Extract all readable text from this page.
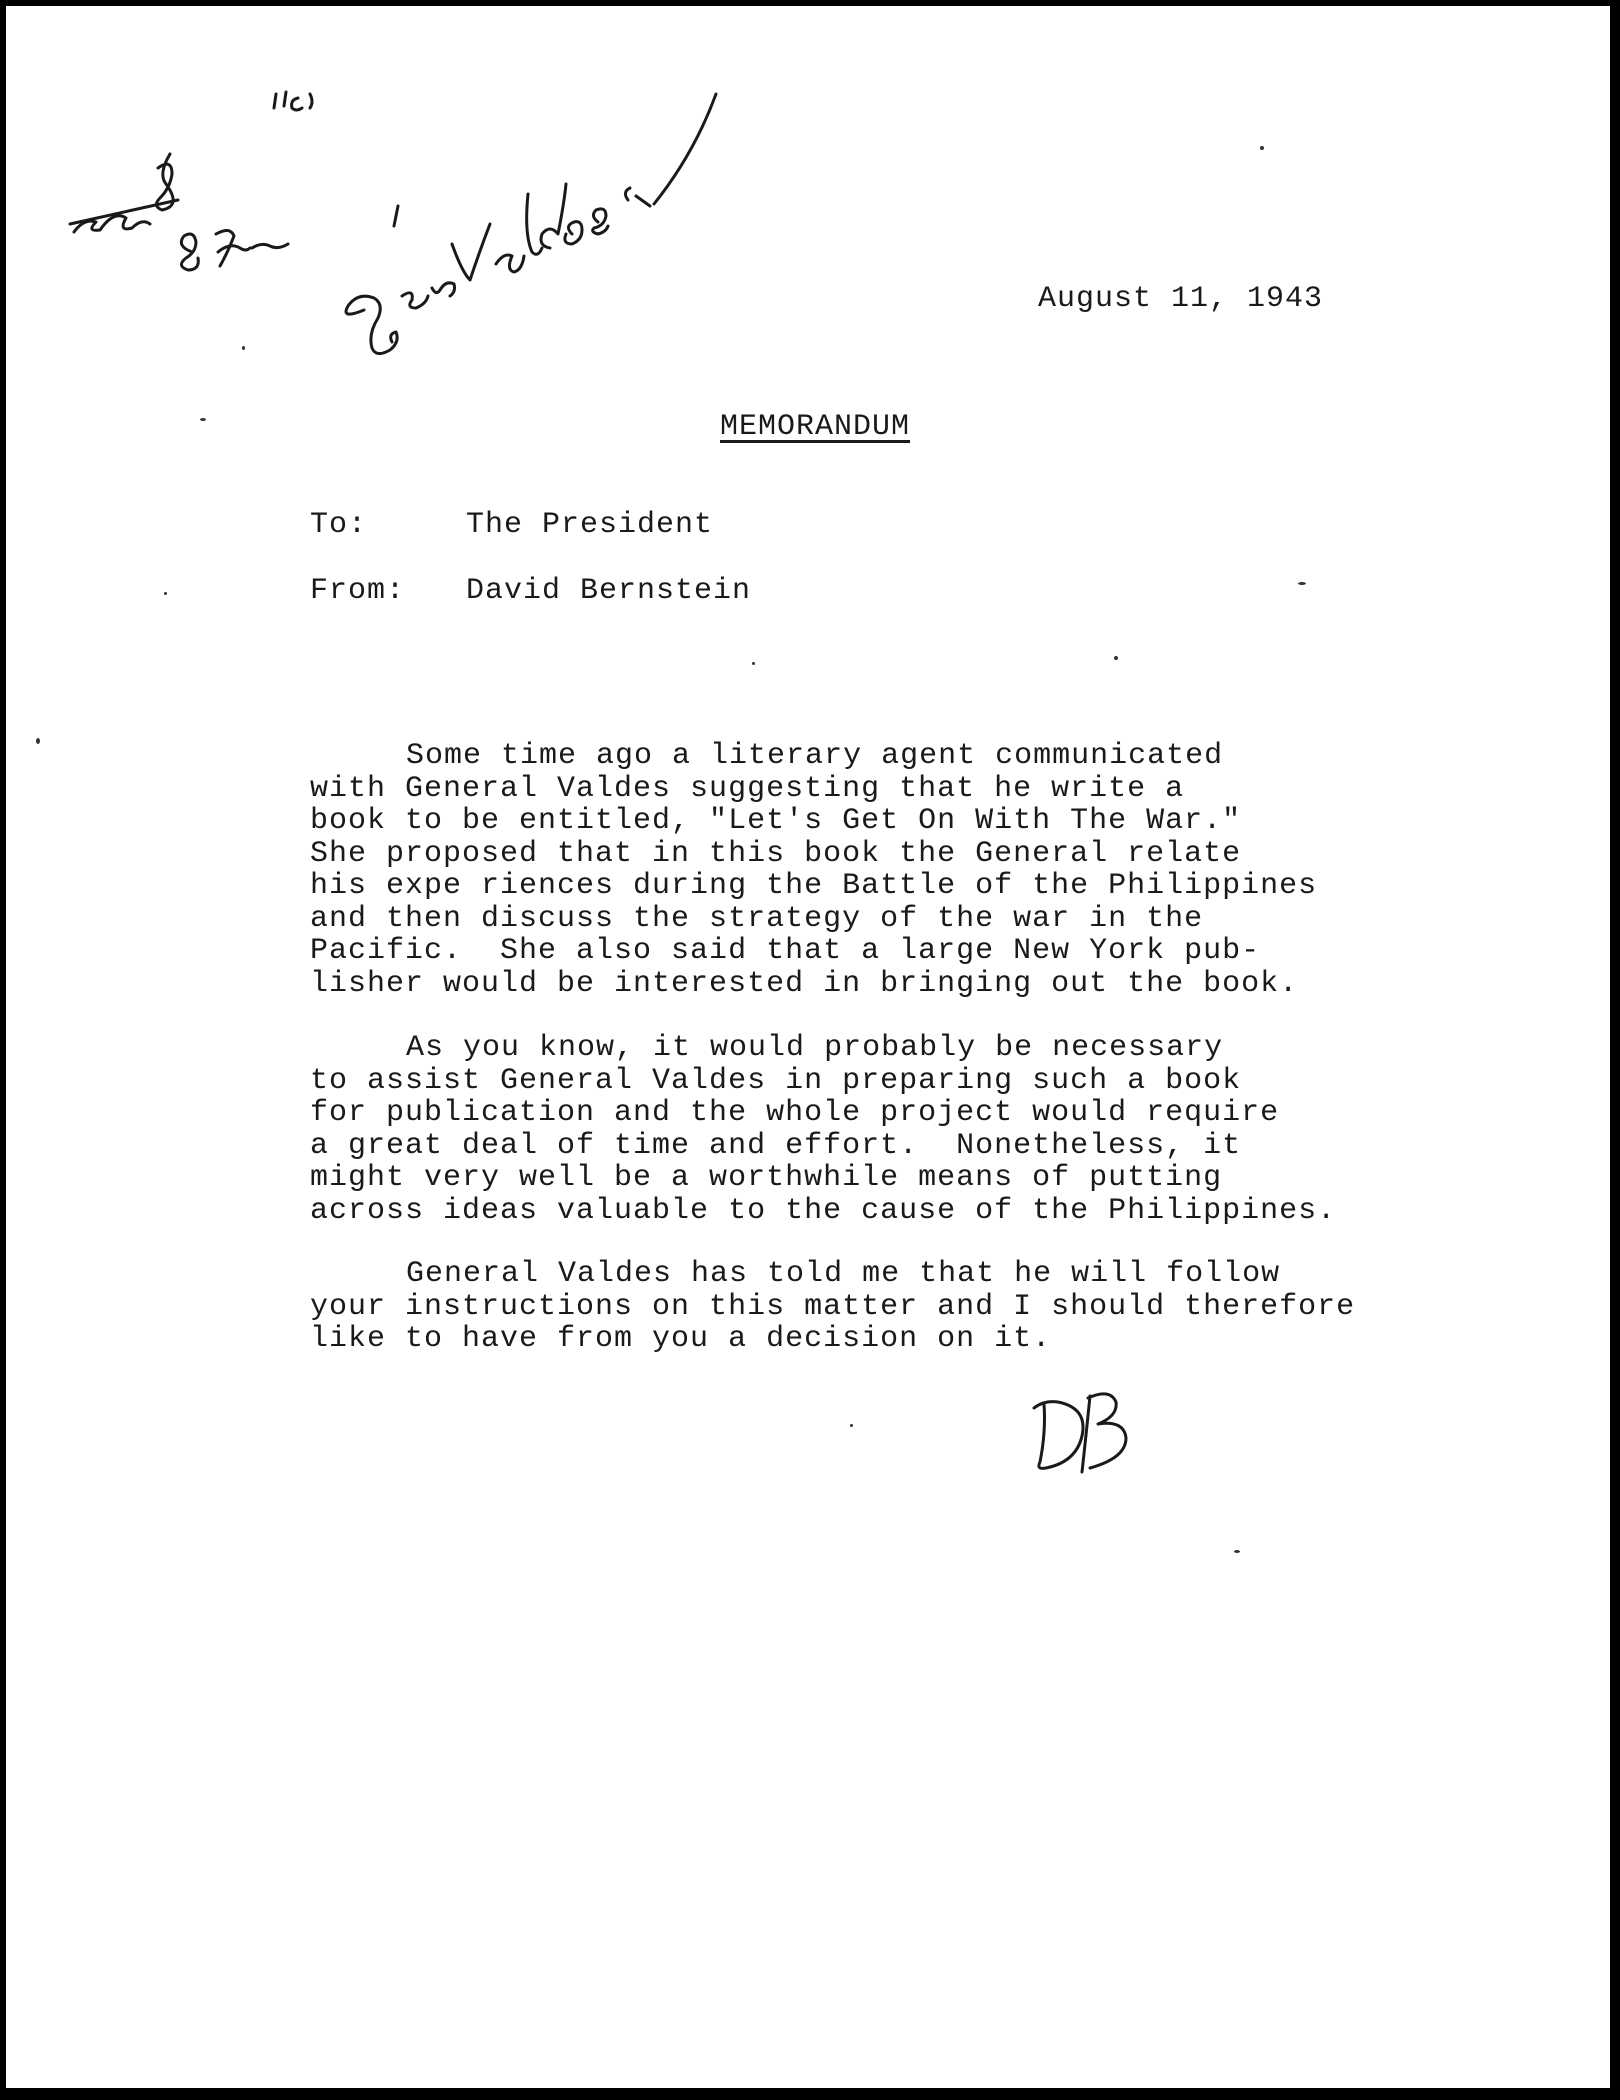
August 11, 1943
MEMORANDUM
To:	The President
From: David Bernstein
Some time ago a literary agent communicated
with General Valdes suggesting that he write a
book to be entitled, "Let's Get On With The War."
She proposed that in this book the General relate
his expe riences during the Battle of the Philippines
and then discuss the strategy of the war in the
Pacific.  She also said that a large New York pub-
lisher would be interested in bringing out the book.
As you know, it would probably be necessary
to assist General Valdes in preparing such a book
for publication and the whole project would require
a great deal of time and effort.  Nonetheless, it
might very well be a worthwhile means of putting
across ideas valuable to the cause of the Philippines.
General Valdes has told me that he will follow
your instructions on this matter and I should therefore
like to have from you a decision on it.
